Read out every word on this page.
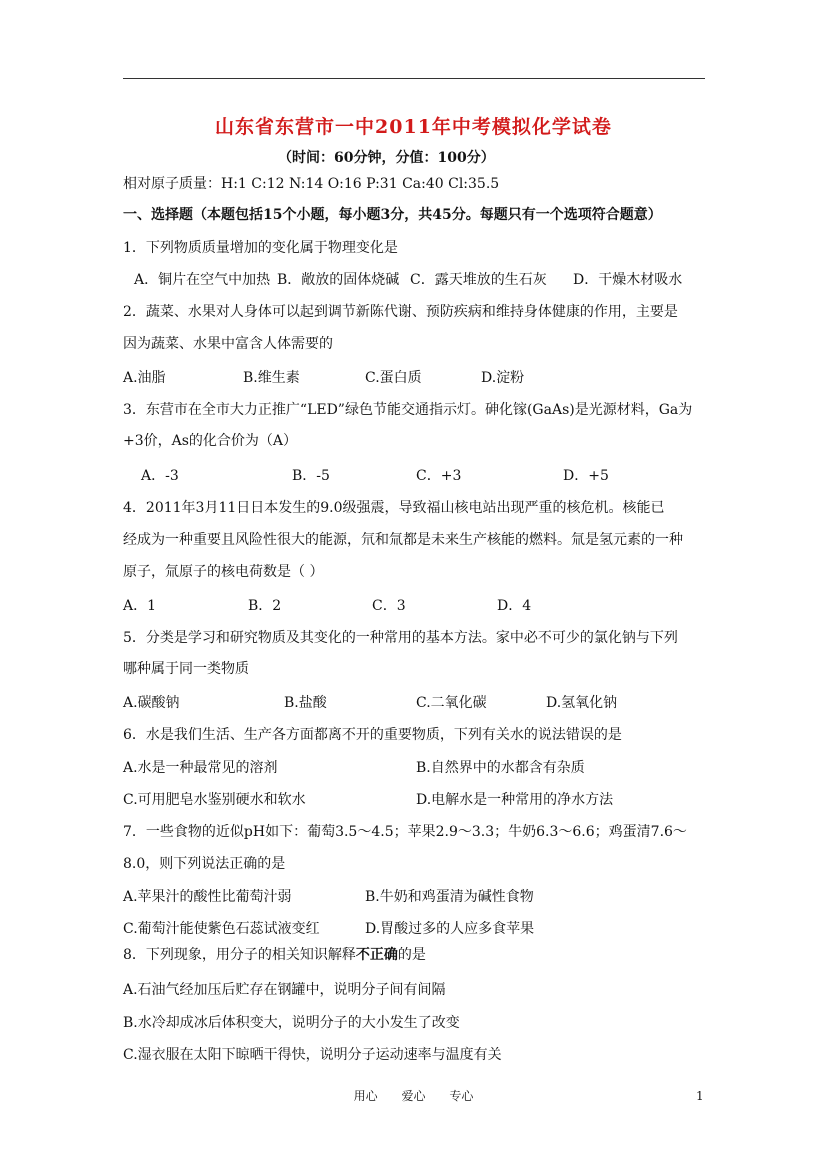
山东省东营市一中2011年中考模拟化学试卷
（时间：60分钟，分值：100分）
相对原子质量：H:1 C:12 N:14 O:16 P:31 Ca:40 Cl:35.5
一、选择题（本题包括15个小题，每小题3分，共45分。每题只有一个选项符合题意）
1．下列物质质量增加的变化属于物理变化是
A．铜片在空气中加热 B．敞放的固体烧碱 C．露天堆放的生石灰 D．干燥木材吸水
2．蔬菜、水果对人身体可以起到调节新陈代谢、预防疾病和维持身体健康的作用，主要是
因为蔬菜、水果中富含人体需要的
A.油脂	B.维生素	C.蛋白质	D.淀粉
3．东营市在全市大力正推广“LED”绿色节能交通指示灯。砷化镓(GaAs)是光源材料，Ga为
+3价，As的化合价为（A）
A．-3	B．-5	C．+3	D．+5
4．2011年3月11日日本发生的9.0级强震，导致福山核电站出现严重的核危机。核能已
经成为一种重要且风险性很大的能源，氘和氚都是未来生产核能的燃料。氚是氢元素的一种
原子，氚原子的核电荷数是（ ）
A．1	B．2	C．3	D．4
5．分类是学习和研究物质及其变化的一种常用的基本方法。家中必不可少的氯化钠与下列
哪种属于同一类物质
A.碳酸钠	B.盐酸	C.二氧化碳	D.氢氧化钠
6．水是我们生活、生产各方面都离不开的重要物质，下列有关水的说法错误的是
A.水是一种最常见的溶剂	B.自然界中的水都含有杂质
C.可用肥皂水鉴别硬水和软水	D.电解水是一种常用的净水方法
7．一些食物的近似pH如下：葡萄3.5～4.5；苹果2.9～3.3；牛奶6.3～6.6；鸡蛋清7.6～
8.0，则下列说法正确的是
A.苹果汁的酸性比葡萄汁弱	B.牛奶和鸡蛋清为碱性食物
C.葡萄汁能使紫色石蕊试液变红	D.胃酸过多的人应多食苹果
8．下列现象，用分子的相关知识解释不正确的是
A.石油气经加压后贮存在钢罐中，说明分子间有间隔
B.水冷却成冰后体积变大，说明分子的大小发生了改变
C.湿衣服在太阳下晾晒干得快，说明分子运动速率与温度有关
用心 爱心 专心	1
